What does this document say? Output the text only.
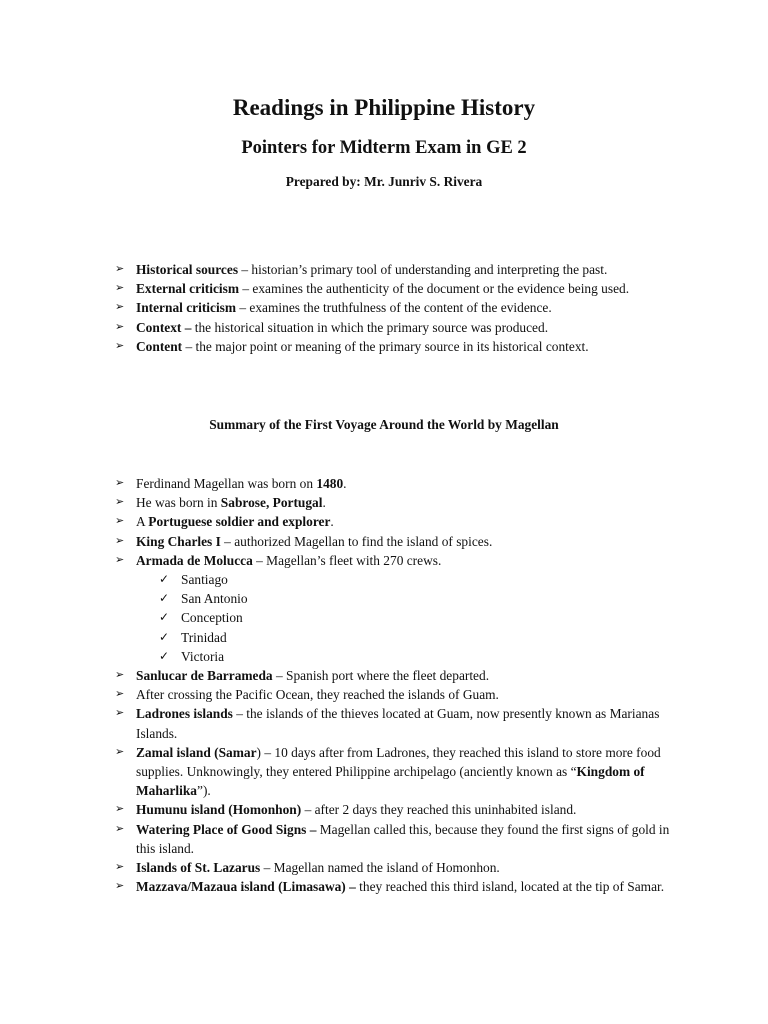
Readings in Philippine History
Pointers for Midterm Exam in GE 2
Prepared by: Mr. Junriv S. Rivera
➢ Historical sources – historian’s primary tool of understanding and interpreting the past.
➢ External criticism – examines the authenticity of the document or the evidence being used.
➢ Internal criticism – examines the truthfulness of the content of the evidence.
➢ Context – the historical situation in which the primary source was produced.
➢ Content – the major point or meaning of the primary source in its historical context.
Summary of the First Voyage Around the World by Magellan
➢ Ferdinand Magellan was born on 1480.
➢ He was born in Sabrose, Portugal.
➢ A Portuguese soldier and explorer.
➢ King Charles I – authorized Magellan to find the island of spices.
➢ Armada de Molucca – Magellan’s fleet with 270 crews.
✓ Santiago
✓ San Antonio
✓ Conception
✓ Trinidad
✓ Victoria
➢ Sanlucar de Barrameda – Spanish port where the fleet departed.
➢ After crossing the Pacific Ocean, they reached the islands of Guam.
➢ Ladrones islands – the islands of the thieves located at Guam, now presently known as Marianas Islands.
➢ Zamal island (Samar) – 10 days after from Ladrones, they reached this island to store more food supplies. Unknowingly, they entered Philippine archipelago (anciently known as “Kingdom of Maharlika”).
➢ Humunu island (Homonhon) – after 2 days they reached this uninhabited island.
➢ Watering Place of Good Signs – Magellan called this, because they found the first signs of gold in this island.
➢ Islands of St. Lazarus – Magellan named the island of Homonhon.
➢ Mazzava/Mazaua island (Limasawa) – they reached this third island, located at the tip of Samar.
